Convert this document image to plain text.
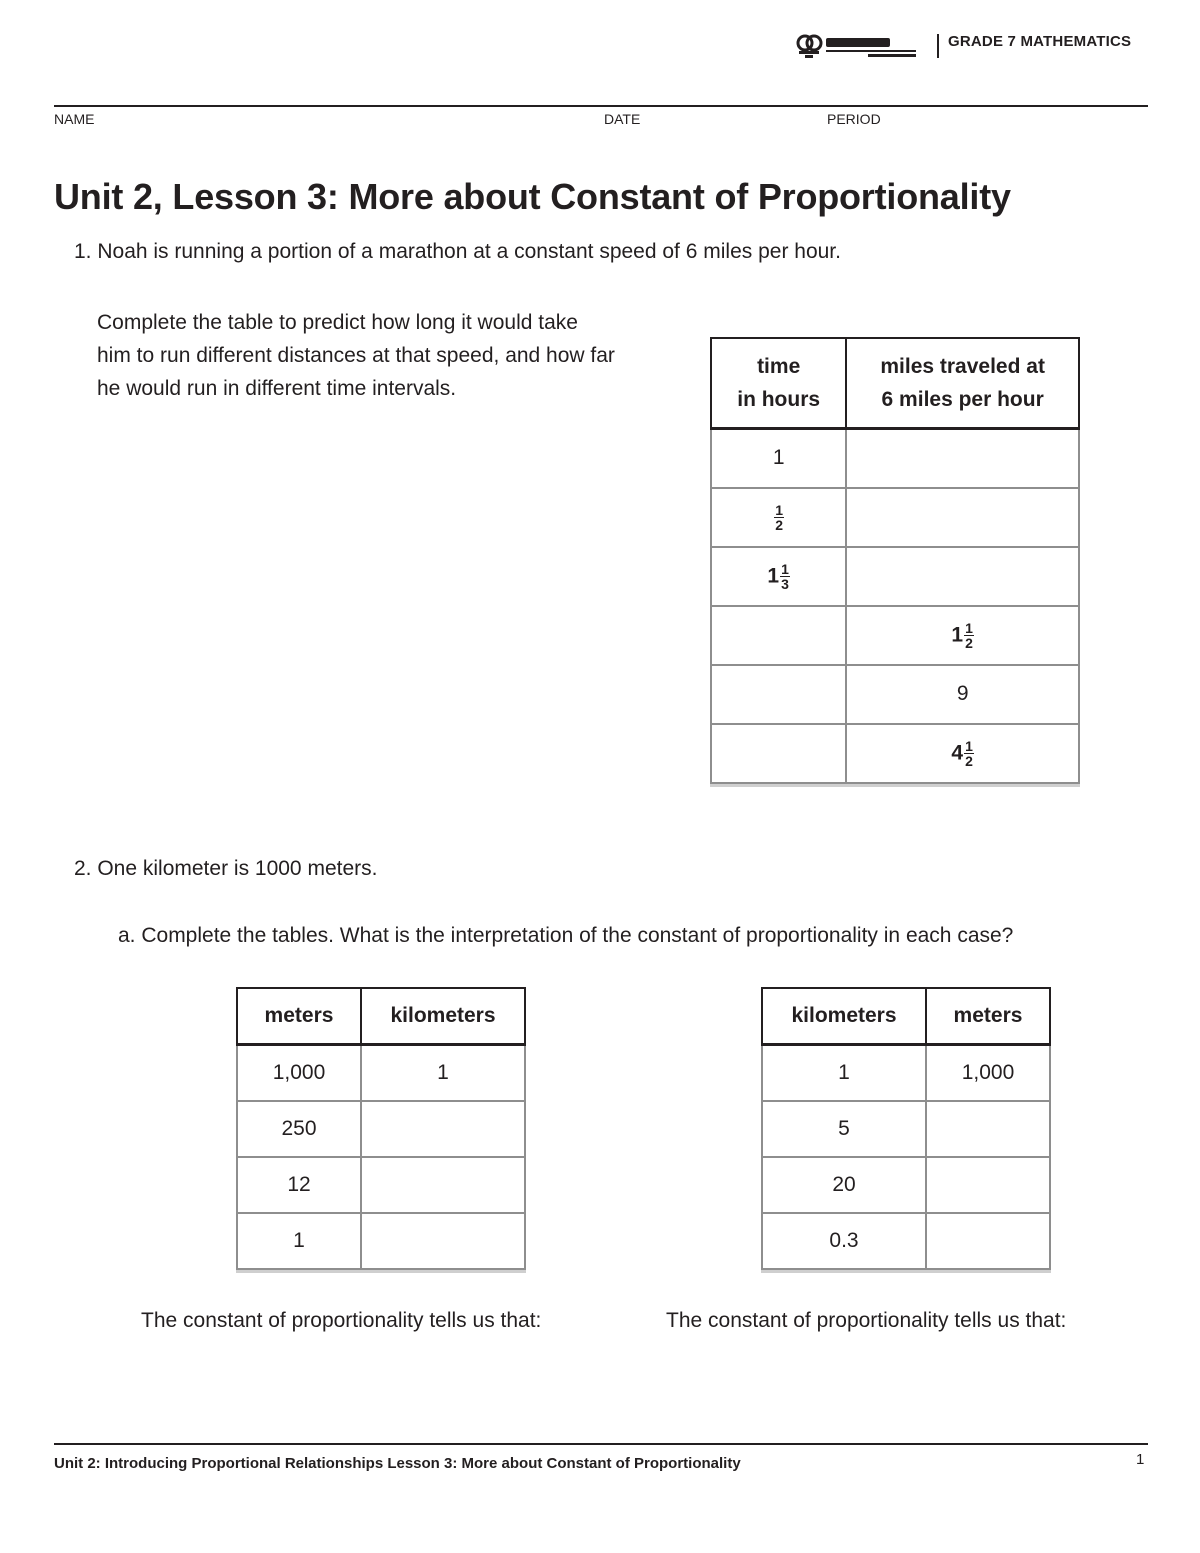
GRADE 7 MATHEMATICS
NAME	DATE	PERIOD
Unit 2, Lesson 3: More about Constant of Proportionality
1. Noah is running a portion of a marathon at a constant speed of 6 miles per hour.
Complete the table to predict how long it would take him to run different distances at that speed, and how far he would run in different time intervals.
time
in hours	miles traveled at
6 miles per hour
1	

$\frac{1}{2}$

$1 \frac{1}{3}$

	$1 \frac{1}{2}$

	9
	$4 \frac{1}{2}$
2. One kilometer is 1000 meters.
a. Complete the tables. What is the interpretation of the constant of proportionality in each case?
meters	kilometers
1,000	1
250	
12	
1	
kilometers	meters
1	1,000
5	
20	
0.3	
The constant of proportionality tells us that:	The constant of proportionality tells us that:
Unit 2: Introducing Proportional Relationships Lesson 3: More about Constant of Proportionality	1
